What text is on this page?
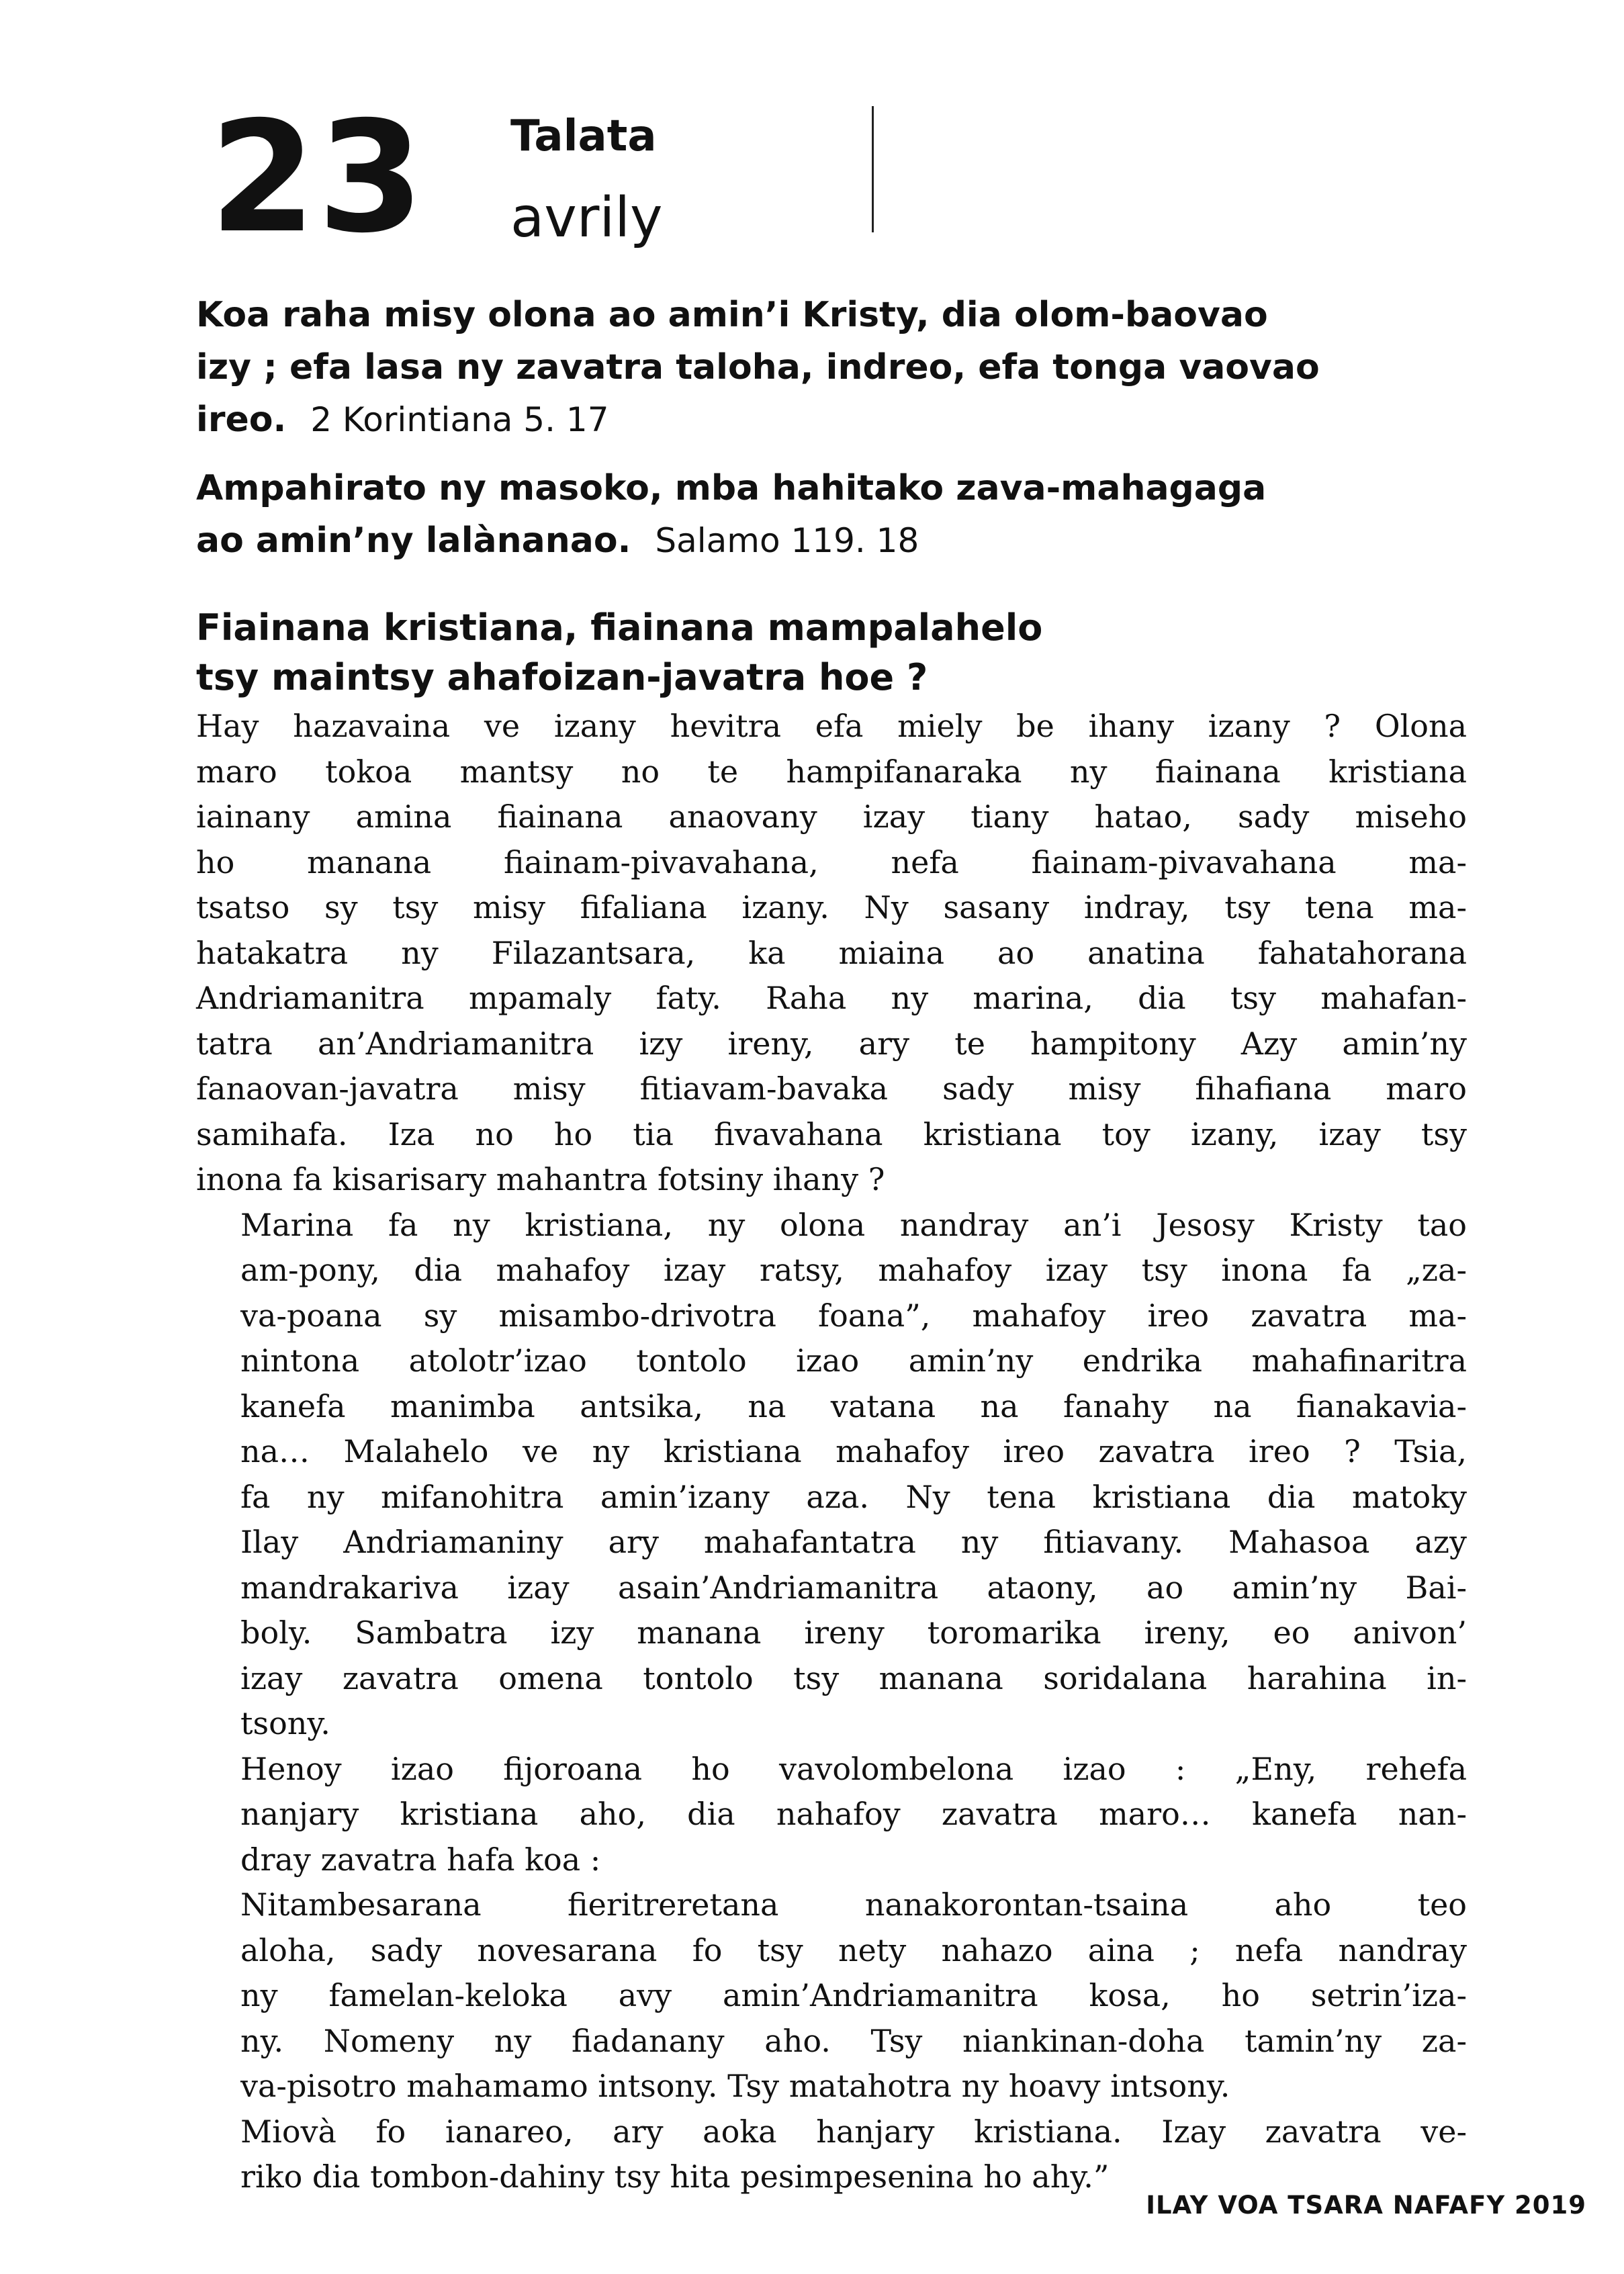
23 Talata
avrily
Koa raha misy olona ao amin’i Kristy, dia olom-baovao
izy ; efa lasa ny zavatra taloha, indreo, efa tonga vaovao
ireo. 2 Korintiana 5. 17
Ampahirato ny masoko, mba hahitako zava-mahagaga
ao amin’ny lalànanao. Salamo 119. 18
Fiainana kristiana, fiainana mampalahelo
tsy maintsy ahafoizan-javatra hoe ?

Hay hazavaina ve izany hevitra efa miely be ihany izany ? Olona
maro tokoa mantsy no te hampifanaraka ny fiainana kristiana
iainany amina fiainana anaovany izay tiany hatao, sady miseho
ho manana fiainam-pivavahana, nefa fiainam-pivavahana ma-
tsatso sy tsy misy fifaliana izany. Ny sasany indray, tsy tena ma-
hatakatra ny Filazantsara, ka miaina ao anatina fahatahorana
Andriamanitra mpamaly faty. Raha ny marina, dia tsy mahafan-
tatra an’Andriamanitra izy ireny, ary te hampitony Azy amin’ny
fanaovan-javatra misy fitiavam-bavaka sady misy fihafiana maro
samihafa. Iza no ho tia fivavahana kristiana toy izany, izay tsy
inona fa kisarisary mahantra fotsiny ihany ?

Marina fa ny kristiana, ny olona nandray an’i Jesosy Kristy tao
am-pony, dia mahafoy izay ratsy, mahafoy izay tsy inona fa „za-
va-poana sy misambo-drivotra foana”, mahafoy ireo zavatra ma-
nintona atolotr’izao tontolo izao amin’ny endrika mahafinaritra
kanefa manimba antsika, na vatana na fanahy na fianakavia-
na… Malahelo ve ny kristiana mahafoy ireo zavatra ireo ? Tsia,
fa ny mifanohitra amin’izany aza. Ny tena kristiana dia matoky
Ilay Andriamaniny ary mahafantatra ny fitiavany. Mahasoa azy
mandrakariva izay asain’Andriamanitra ataony, ao amin’ny Bai-
boly. Sambatra izy manana ireny toromarika ireny, eo anivon’
izay zavatra omena tontolo tsy manana soridalana harahina in-
tsony.

Henoy izao fijoroana ho vavolombelona izao : „Eny, rehefa
nanjary kristiana aho, dia nahafoy zavatra maro… kanefa nan-
dray zavatra hafa koa :

Nitambesarana fieritreretana nanakorontan-tsaina aho teo
aloha, sady novesarana fo tsy nety nahazo aina ; nefa nandray
ny famelan-keloka avy amin’Andriamanitra kosa, ho setrin’iza-
ny. Nomeny ny fiadanany aho. Tsy niankinan-doha tamin’ny za-
va-pisotro mahamamo intsony. Tsy matahotra ny hoavy intsony.

Miovà fo ianareo, ary aoka hanjary kristiana. Izay zavatra ve-
riko dia tombon-dahiny tsy hita pesimpesenina ho ahy.”

ILAY VOA TSARA NAFAFY 2019
